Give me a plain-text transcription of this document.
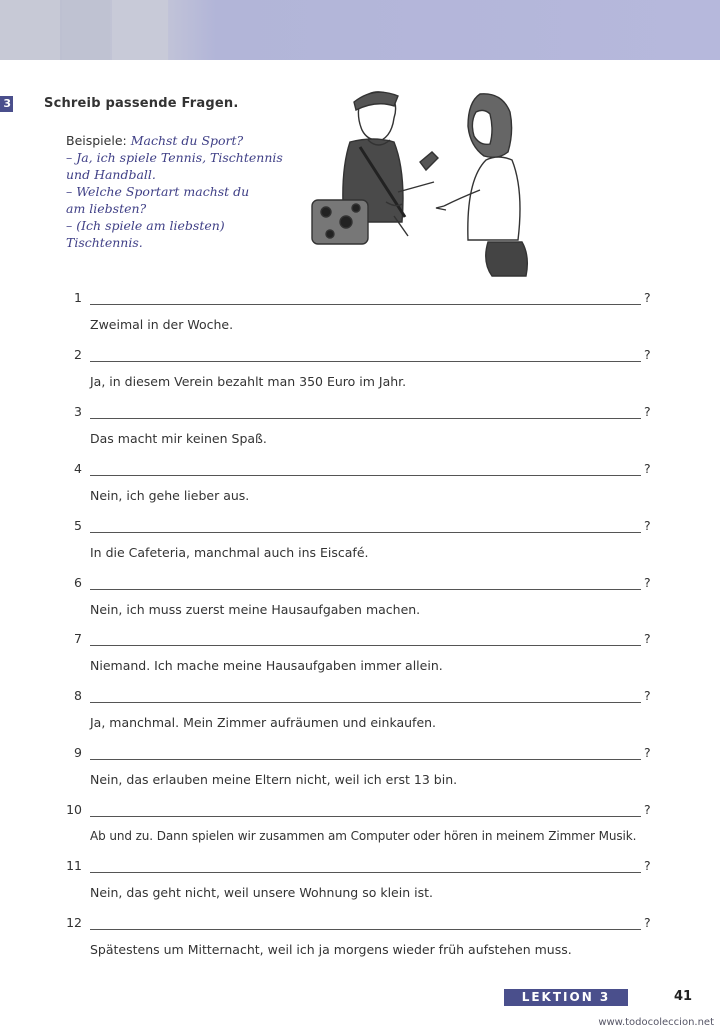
3	Schreib passende Fragen.
Beispiele: Machst du Sport?
– Ja, ich spiele Tennis, Tischtennis
und Handball.
– Welche Sportart machst du
am liebsten?
– (Ich spiele am liebsten)
Tischtennis.
1	?
Zweimal in der Woche.
2	?
Ja, in diesem Verein bezahlt man 350 Euro im Jahr.
3	?
Das macht mir keinen Spaß.
4	?
Nein, ich gehe lieber aus.
5	?
In die Cafeteria, manchmal auch ins Eiscafé.
6	?
Nein, ich muss zuerst meine Hausaufgaben machen.
7	?
Niemand. Ich mache meine Hausaufgaben immer allein.
8	?
Ja, manchmal. Mein Zimmer aufräumen und einkaufen.
9	?
Nein, das erlauben meine Eltern nicht, weil ich erst 13 bin.
10	?
Ab und zu. Dann spielen wir zusammen am Computer oder hören in meinem Zimmer Musik.
11	?
Nein, das geht nicht, weil unsere Wohnung so klein ist.
12	?
Spätestens um Mitternacht, weil ich ja morgens wieder früh aufstehen muss.
LEKTION 3	41
www.todocoleccion.net
